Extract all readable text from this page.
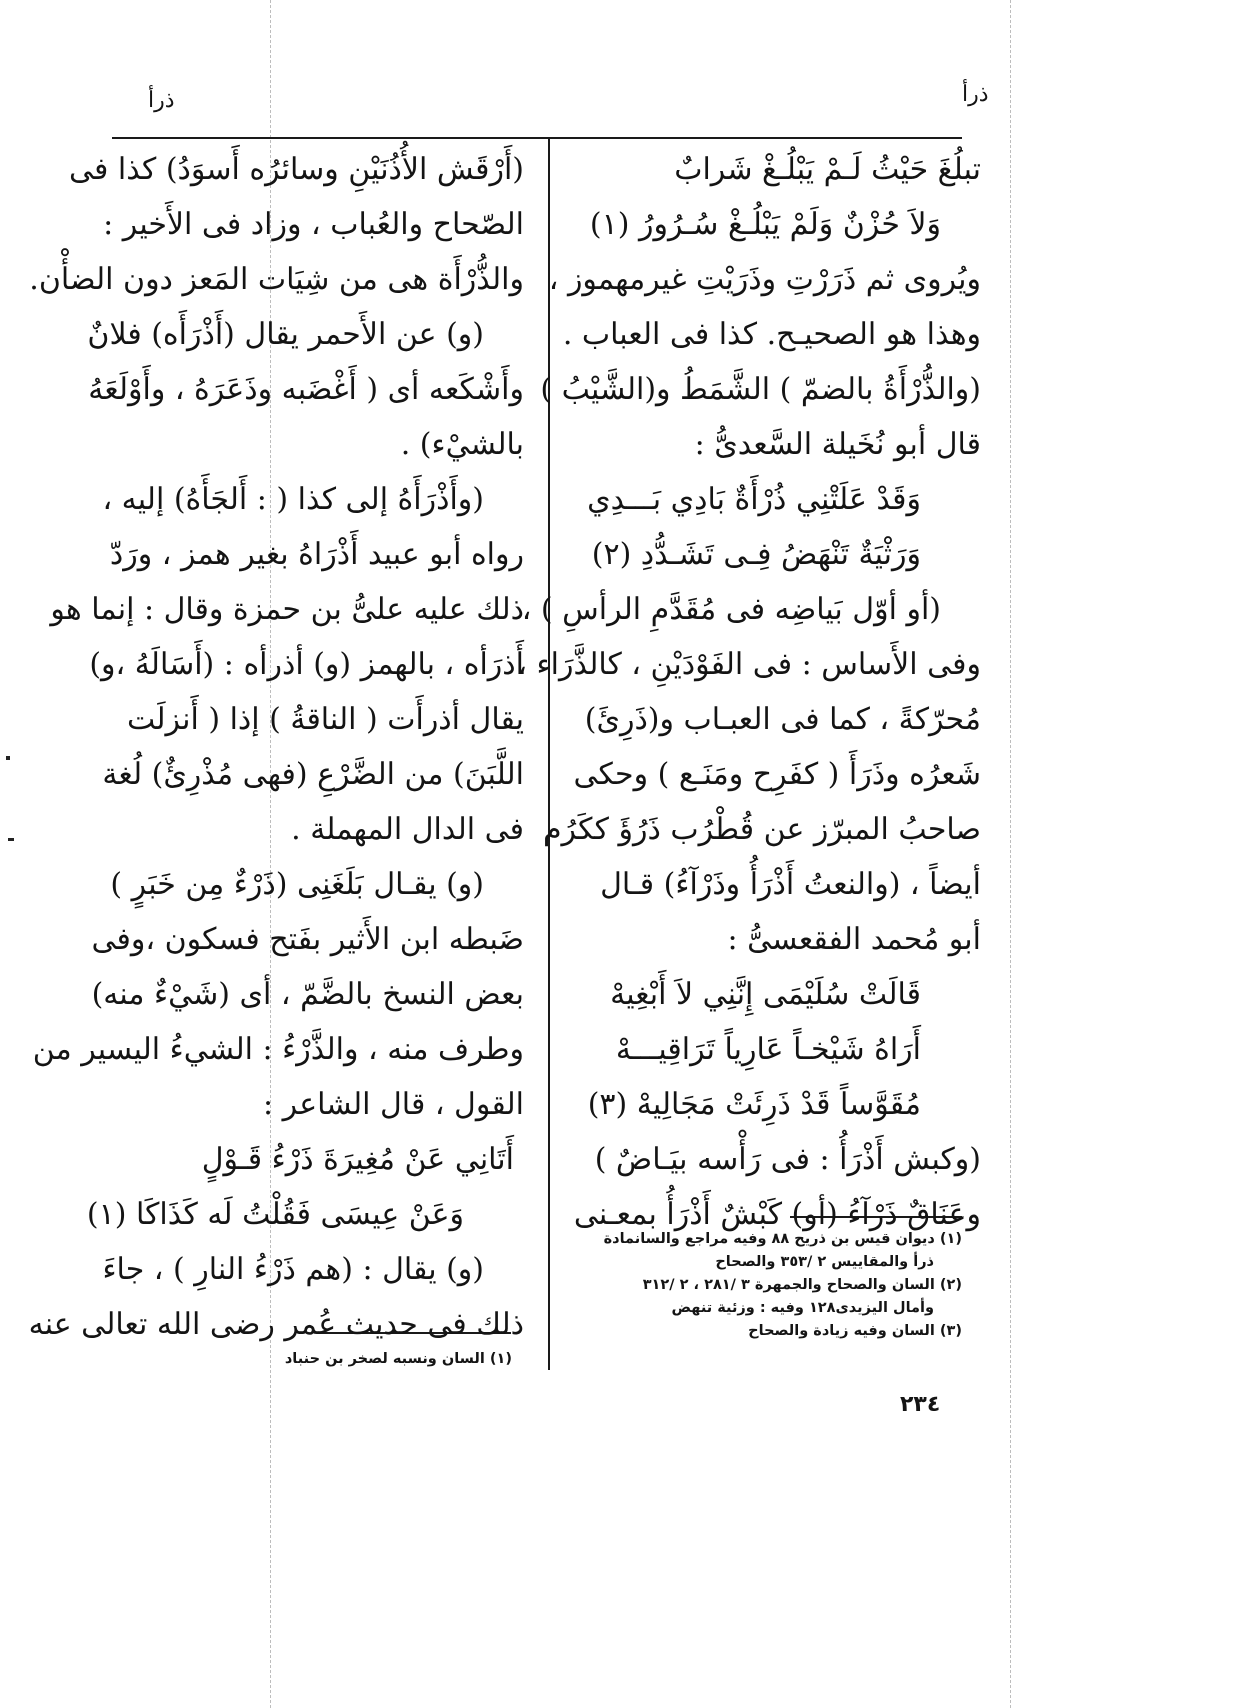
ذرأ
ذرأ
تبلُغَ حَيْثُ لَـمْ يَبْلُـغْ شَرابٌ
وَلاَ حُزْنٌ وَلَمْ يَبْلُـغْ سُـرُورُ (١)
ويُروى ثم ذَرَرْتِ وذَرَيْتِ غيرمهموز ،
وهذا هو الصحيـح. كذا فى العباب .
(والذُّرْأَةُ بالضمّ ) الشَّمَطُ و(الشَّيْبُ )
قال أبو نُخَيلة السَّعدىُّ :
وَقَدْ عَلَتْنِي ذُرْأَةٌ بَادِي بَـــدِي
وَرَثْيَةٌ تَنْهَضُ فِـى تَشَـدُّدِ (٢)
(أو أوّل بَياضِه فى مُقَدَّمِ الرأسِ ) ،
وفى الأَساس : فى الفَوْدَيْنِ ، كالذَّرَاء ،
مُحرّكةً ، كما فى العبـاب و(ذَرِئَ)
شَعرُه وذَرَأَ ( كفَرِح ومَنَـع ) وحكى
صاحبُ المبرّز عن قُطْرُب ذَرُؤَ ككَرُم
أيضاً ، (والنعتُ أَذْرَأُ وذَرْآءُ) قـال
أبو مُحمد الفقعسىُّ :
قَالَتْ سُلَيْمَى إِنَّنِي لاَ أَبْغِيهْ
أَرَاهُ شَيْخـاً عَارِياً تَرَاقِيـــهْ
مُقَوَّساً قَدْ ذَرِئَتْ مَجَالِيهْ (٣)
(وكبش أَذْرَأُ : فى رَأْسه بيَـاضٌ )
وعَنَاقٌ ذَرْآءُ (أو) كَبْشٌ أَذْرَأُ بمعـنى
(١) ديوان قيس بن ذريح ٨٨ وفيه مراجع والسانمادة
ذرأ والمقاييس ٢ /٣٥٣ والصحاح
(٢) السان والصحاح والجمهرة ٣ /٢٨١ ، ٢ /٣١٢
وأمال اليزيدى١٢٨ وفيه : وزئية تنهض
(٣) السان وفيه زيادة والصحاح
(أَرْقَش الأُذُنَيْنِ وسائرُه أَسوَدُ) كذا فى
الصّحاح والعُباب ، وزاد فى الأَخير :
والذُّرْأَة هى من شِيَات المَعز دون الضأْن.
(و) عن الأَحمر يقال (أَذْرَأَه) فلانٌ
وأَشْكَعه أى ( أَغْضَبه وذَعَرَهُ ، وأَوْلَعَهُ
بالشيْء) .
(وأَذْرَأَهُ إلى كذا ( : أَلجَأَهُ) إليه ،
رواه أبو عبيد أَذْرَاهُ بغير همز ، ورَدّ
ذلك عليه علىُّ بن حمزة وقال : إنما هو
أَذرَأه ، بالهمز (و) أذرأه : (أَسَالَهُ ،و)
يقال أذرأَت ( الناقةُ ) إذا ( أَنزلَت
اللَّبَنَ) من الضَّرْعِ (فهى مُذْرِئٌ) لُغة
فى الدال المهملة .
(و) يقـال بَلَغَنِى (ذَرْءٌ مِن خَبَرٍ )
ضَبطه ابن الأَثير بفَتح فسكون ،وفى
بعض النسخ بالضَّمّ ، أى (شَيْءٌ منه)
وطرف منه ، والذَّرْءُ : الشيءُ اليسير من
القول ، قال الشاعر :
أَتَانِي عَنْ مُغِيرَةَ ذَرْءُ قَـوْلٍ
وَعَنْ عِيسَى فَقُلْتُ لَه كَذَاكَا (١)
(و) يقال : (هم ذَرْءُ النارِ ) ، جاءَ
ذلك فى حديث عُمر رضى الله تعالى عنه
(١) السان ونسبه لصخر بن حنباد
٢٣٤
